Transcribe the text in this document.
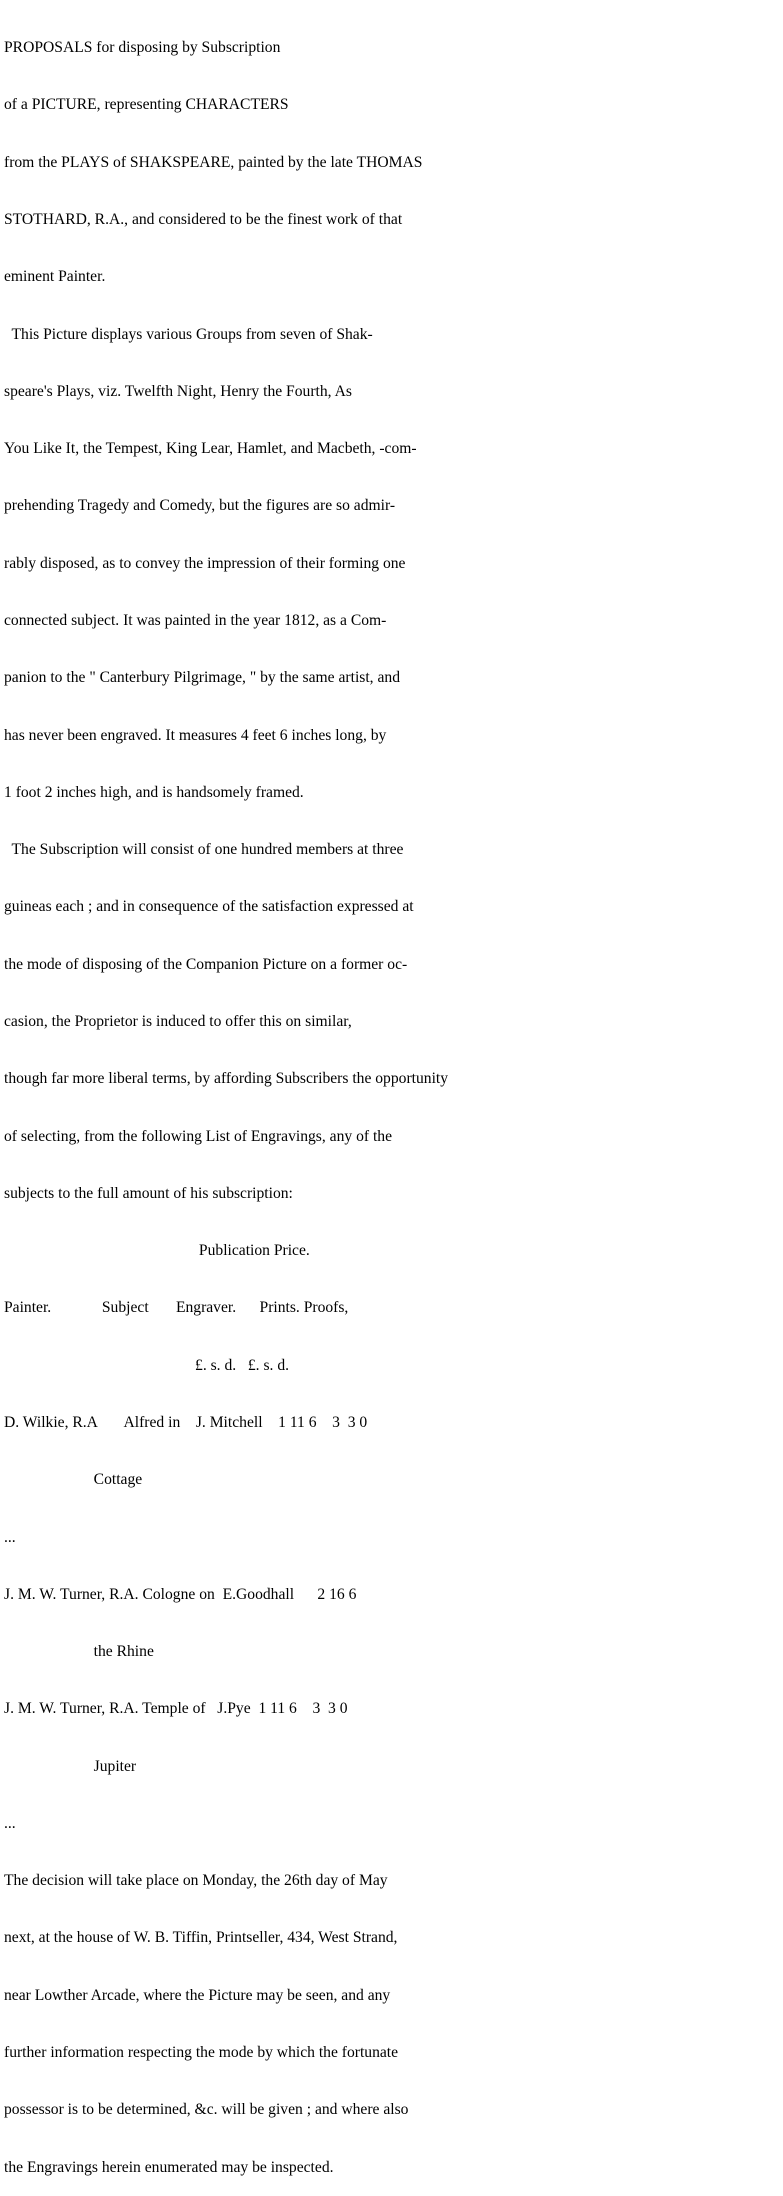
PROPOSALS for disposing by Subscription

of a PICTURE, representing CHARACTERS

from the PLAYS of SHAKSPEARE, painted by the late THOMAS

STOTHARD, R.A., and considered to be the finest work of that

eminent Painter.

This Picture displays various Groups from seven of Shak-

speare's Plays, viz. Twelfth Night, Henry the Fourth, As

You Like It, the Tempest, King Lear, Hamlet, and Macbeth, -com-

prehending Tragedy and Comedy, but the figures are so admir-

rably disposed, as to convey the impression of their forming one

connected subject. It was painted in the year 1812, as a Com-

panion to the " Canterbury Pilgrimage, " by the same artist, and

has never been engraved. It measures 4 feet 6 inches long, by

1 foot 2 inches high, and is handsomely framed.

The Subscription will consist of one hundred members at three

guineas each ; and in consequence of the satisfaction expressed at

the mode of disposing of the Companion Picture on a former oc-

casion, the Proprietor is induced to offer this on similar,

though far more liberal terms, by affording Subscribers the opportunity

of selecting, from the following List of Engravings, any of the

subjects to the full amount of his subscription:

Publication Price.

Painter.             Subject       Engraver.      Prints. Proofs,

£. s. d.   £. s. d.

D. Wilkie, R.A       Alfred in    J. Mitchell    1 11 6    3  3 0

Cottage

...

J. M. W. Turner, R.A. Cologne on  E.Goodhall      2 16 6

the Rhine

J. M. W. Turner, R.A. Temple of   J.Pye  1 11 6    3  3 0

Jupiter

...

The decision will take place on Monday, the 26th day of May

next, at the house of W. B. Tiffin, Printseller, 434, West Strand,

near Lowther Arcade, where the Picture may be seen, and any

further information respecting the mode by which the fortunate

possessor is to be determined, &c. will be given ; and where also

the Engravings herein enumerated may be inspected.
